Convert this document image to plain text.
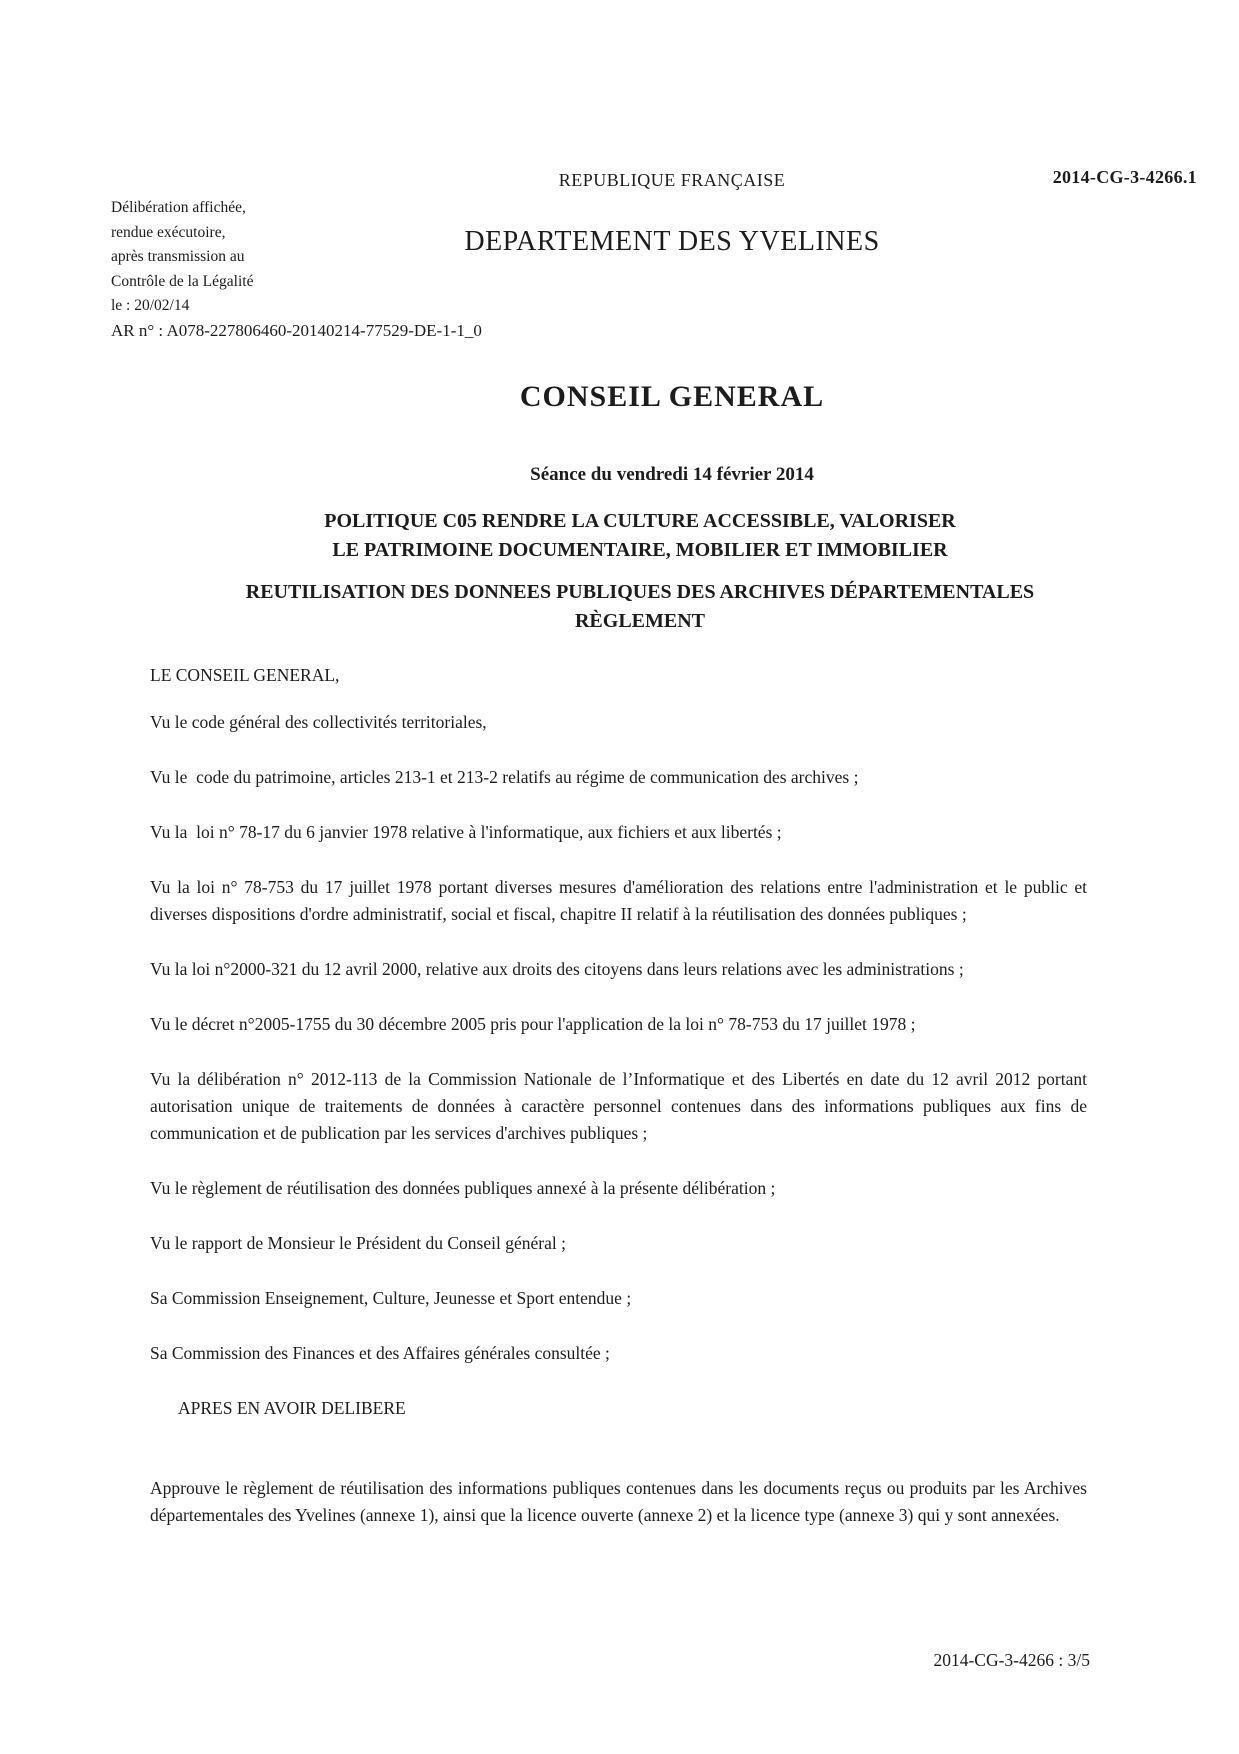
REPUBLIQUE FRANÇAISE	2014-CG-3-4266.1
Délibération affichée,
rendue exécutoire,
après transmission au
Contrôle de la Légalité
le : 20/02/14
DEPARTEMENT DES YVELINES
AR n° : A078-227806460-20140214-77529-DE-1-1_0
CONSEIL GENERAL
Séance du vendredi 14 février 2014
POLITIQUE C05 RENDRE LA CULTURE ACCESSIBLE, VALORISER
LE PATRIMOINE DOCUMENTAIRE, MOBILIER ET IMMOBILIER
REUTILISATION DES DONNEES PUBLIQUES DES ARCHIVES DÉPARTEMENTALES
RÈGLEMENT

LE CONSEIL GENERAL,

Vu le code général des collectivités territoriales,

Vu le  code du patrimoine, articles 213-1 et 213-2 relatifs au régime de communication des archives ;

Vu la  loi n° 78-17 du 6 janvier 1978 relative à l'informatique, aux fichiers et aux libertés ;

Vu la loi n° 78-753 du 17 juillet 1978 portant diverses mesures d'amélioration des relations entre l'administration et le public et diverses dispositions d'ordre administratif, social et fiscal, chapitre II relatif à la réutilisation des données publiques ;

Vu la loi n°2000-321 du 12 avril 2000, relative aux droits des citoyens dans leurs relations avec les administrations ;

Vu le décret n°2005-1755 du 30 décembre 2005 pris pour l'application de la loi n° 78-753 du 17 juillet 1978 ;

Vu la délibération n° 2012-113 de la Commission Nationale de l’Informatique et des Libertés en date du 12 avril 2012 portant autorisation unique de traitements de données à caractère personnel contenues dans des informations publiques aux fins de communication et de publication par les services d'archives publiques ;

Vu le règlement de réutilisation des données publiques annexé à la présente délibération ;

Vu le rapport de Monsieur le Président du Conseil général ;

Sa Commission Enseignement, Culture, Jeunesse et Sport entendue ;

Sa Commission des Finances et des Affaires générales consultée ;

APRES EN AVOIR DELIBERE

Approuve le règlement de réutilisation des informations publiques contenues dans les documents reçus ou produits par les Archives départementales des Yvelines (annexe 1), ainsi que la licence ouverte (annexe 2) et la licence type (annexe 3) qui y sont annexées.

2014-CG-3-4266 : 3/5
